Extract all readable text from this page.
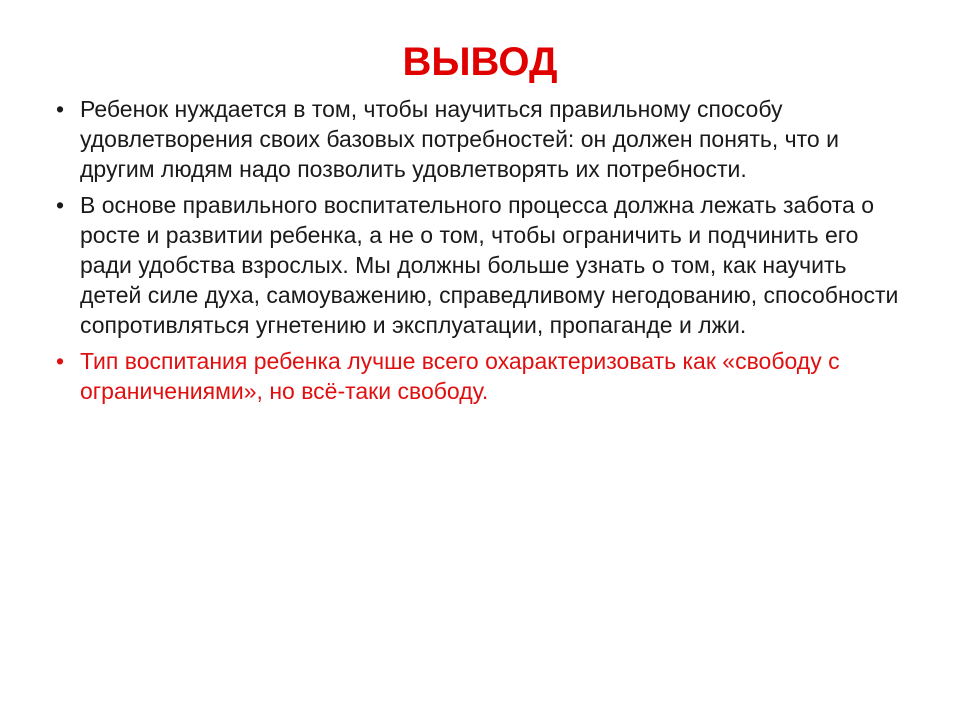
ВЫВОД
• Ребенок нуждается в том, чтобы научиться правильному способу удовлетворения своих базовых потребностей: он должен понять, что и другим людям надо позволить удовлетворять их потребности.
• В основе правильного воспитательного процесса должна лежать забота о росте и развитии ребенка, а не о том, чтобы ограничить и подчинить его ради удобства взрослых. Мы должны больше узнать о том, как научить детей силе духа, самоуважению, справедливому негодованию, способности сопротивляться угнетению и эксплуатации, пропаганде и лжи.
• Тип воспитания ребенка лучше всего охарактеризовать как «свободу с ограничениями», но всё-таки свободу.
